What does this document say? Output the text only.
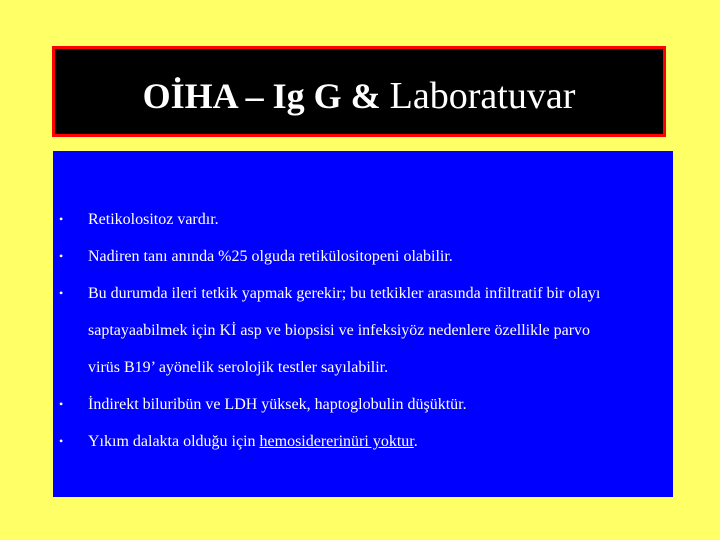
OİHA – Ig G & Laboratuvar
• Retikolositoz vardır.
• Nadiren tanı anında %25 olguda retikülositopeni olabilir.
• Bu durumda ileri tetkik yapmak gerekir; bu tetkikler arasında infiltratif bir olayı
saptayaabilmek için Kİ asp ve biopsisi ve infeksiyöz nedenlere özellikle parvo
virüs B19’ ayönelik serolojik testler sayılabilir.
• İndirekt biluribün ve LDH yüksek, haptoglobulin düşüktür.
• Yıkım dalakta olduğu için hemosidererinüri yoktur.
